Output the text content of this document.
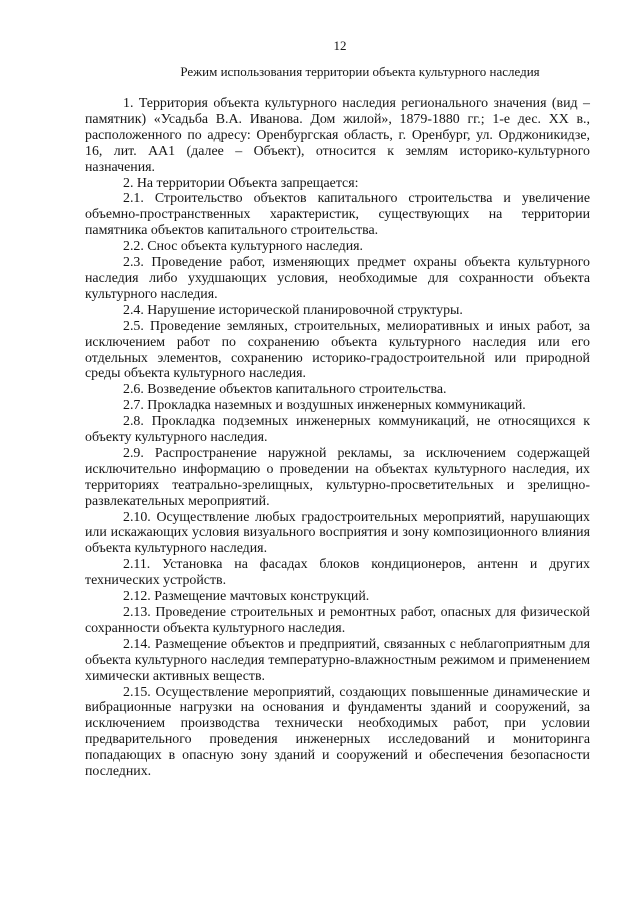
12
Режим использования территории объекта культурного наследия

1. Территория объекта культурного наследия регионального значения (вид – памятник) «Усадьба В.А. Иванова. Дом жилой», 1879-1880 гг.; 1-е дес. XX в., расположенного по адресу: Оренбургская область, г. Оренбург, ул. Орджоникидзе, 16, лит. AA1 (далее – Объект), относится к землям историко-культурного назначения.

2. На территории Объекта запрещается:

2.1. Строительство объектов капитального строительства и увеличение объемно-пространственных характеристик, существующих на территории памятника объектов капитального строительства.

2.2. Снос объекта культурного наследия.

2.3. Проведение работ, изменяющих предмет охраны объекта культурного наследия либо ухудшающих условия, необходимые для сохранности объекта культурного наследия.

2.4. Нарушение исторической планировочной структуры.

2.5. Проведение земляных, строительных, мелиоративных и иных работ, за исключением работ по сохранению объекта культурного наследия или его отдельных элементов, сохранению историко-градостроительной или природной среды объекта культурного наследия.

2.6. Возведение объектов капитального строительства.

2.7. Прокладка наземных и воздушных инженерных коммуникаций.

2.8. Прокладка подземных инженерных коммуникаций, не относящихся к объекту культурного наследия.

2.9. Распространение наружной рекламы, за исключением содержащей исключительно информацию о проведении на объектах культурного наследия, их территориях театрально-зрелищных, культурно-просветительных и зрелищно-развлекательных мероприятий.

2.10. Осуществление любых градостроительных мероприятий, нарушающих или искажающих условия визуального восприятия и зону композиционного влияния объекта культурного наследия.

2.11. Установка на фасадах блоков кондиционеров, антенн и других технических устройств.

2.12. Размещение мачтовых конструкций.

2.13. Проведение строительных и ремонтных работ, опасных для физической сохранности объекта культурного наследия.

2.14. Размещение объектов и предприятий, связанных с неблагоприятным для объекта культурного наследия температурно-влажностным режимом и применением химически активных веществ.

2.15. Осуществление мероприятий, создающих повышенные динамические и вибрационные нагрузки на основания и фундаменты зданий и сооружений, за исключением производства технически необходимых работ, при условии предварительного проведения инженерных исследований и мониторинга попадающих в опасную зону зданий и сооружений и обеспечения безопасности последних.
